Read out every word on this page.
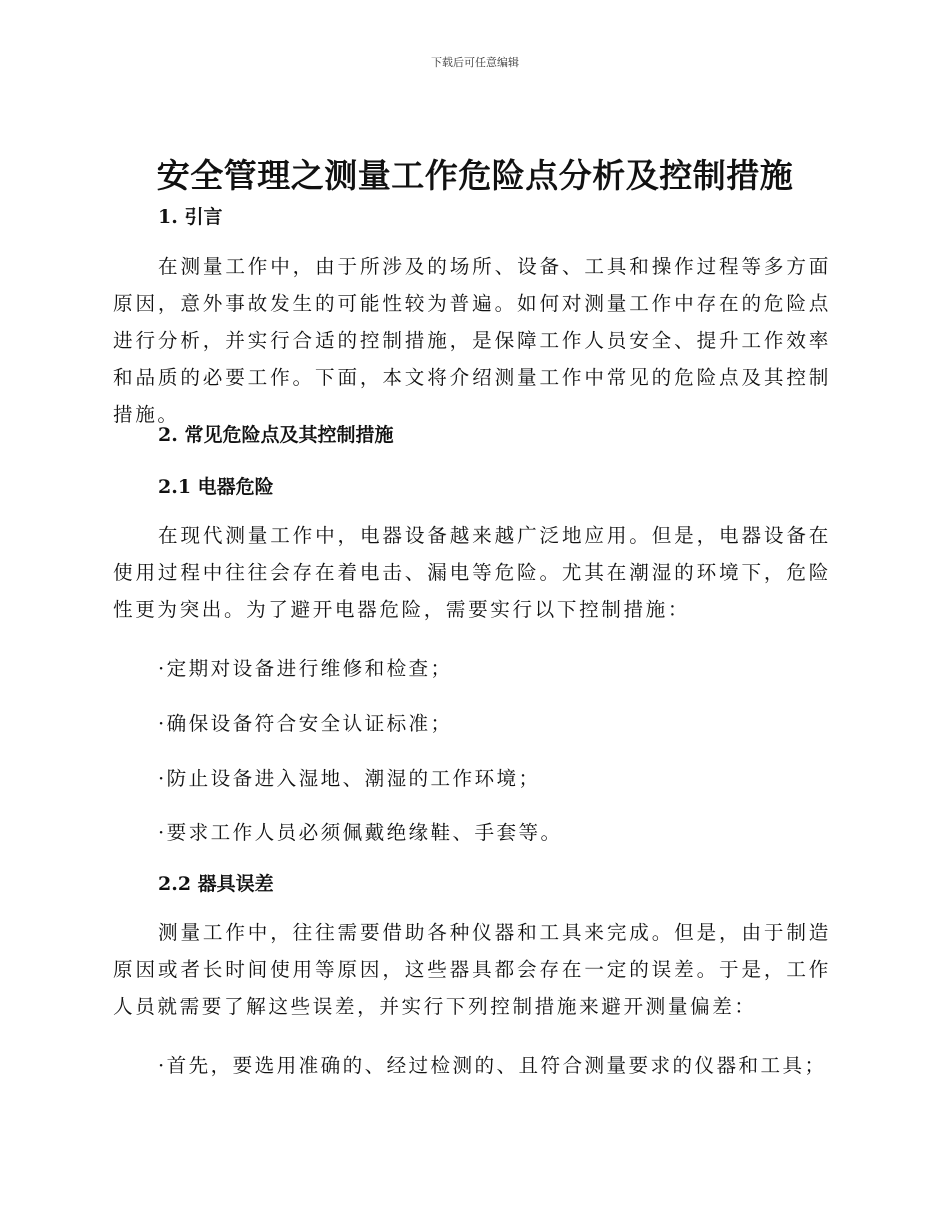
下载后可任意编辑
安全管理之测量工作危险点分析及控制措施
1. 引言

在测量工作中，由于所涉及的场所、设备、工具和操作过程等多方面原因，意外事故发生的可能性较为普遍。如何对测量工作中存在的危险点进行分析，并实行合适的控制措施，是保障工作人员安全、提升工作效率和品质的必要工作。下面，本文将介绍测量工作中常见的危险点及其控制措施。

2. 常见危险点及其控制措施
2.1 电器危险

在现代测量工作中，电器设备越来越广泛地应用。但是，电器设备在使用过程中往往会存在着电击、漏电等危险。尤其在潮湿的环境下，危险性更为突出。为了避开电器危险，需要实行以下控制措施：

·定期对设备进行维修和检查；

·确保设备符合安全认证标准；

·防止设备进入湿地、潮湿的工作环境；

·要求工作人员必须佩戴绝缘鞋、手套等。

2.2 器具误差

测量工作中，往往需要借助各种仪器和工具来完成。但是，由于制造原因或者长时间使用等原因，这些器具都会存在一定的误差。于是，工作人员就需要了解这些误差，并实行下列控制措施来避开测量偏差：

·首先，要选用准确的、经过检测的、且符合测量要求的仪器和工具；
